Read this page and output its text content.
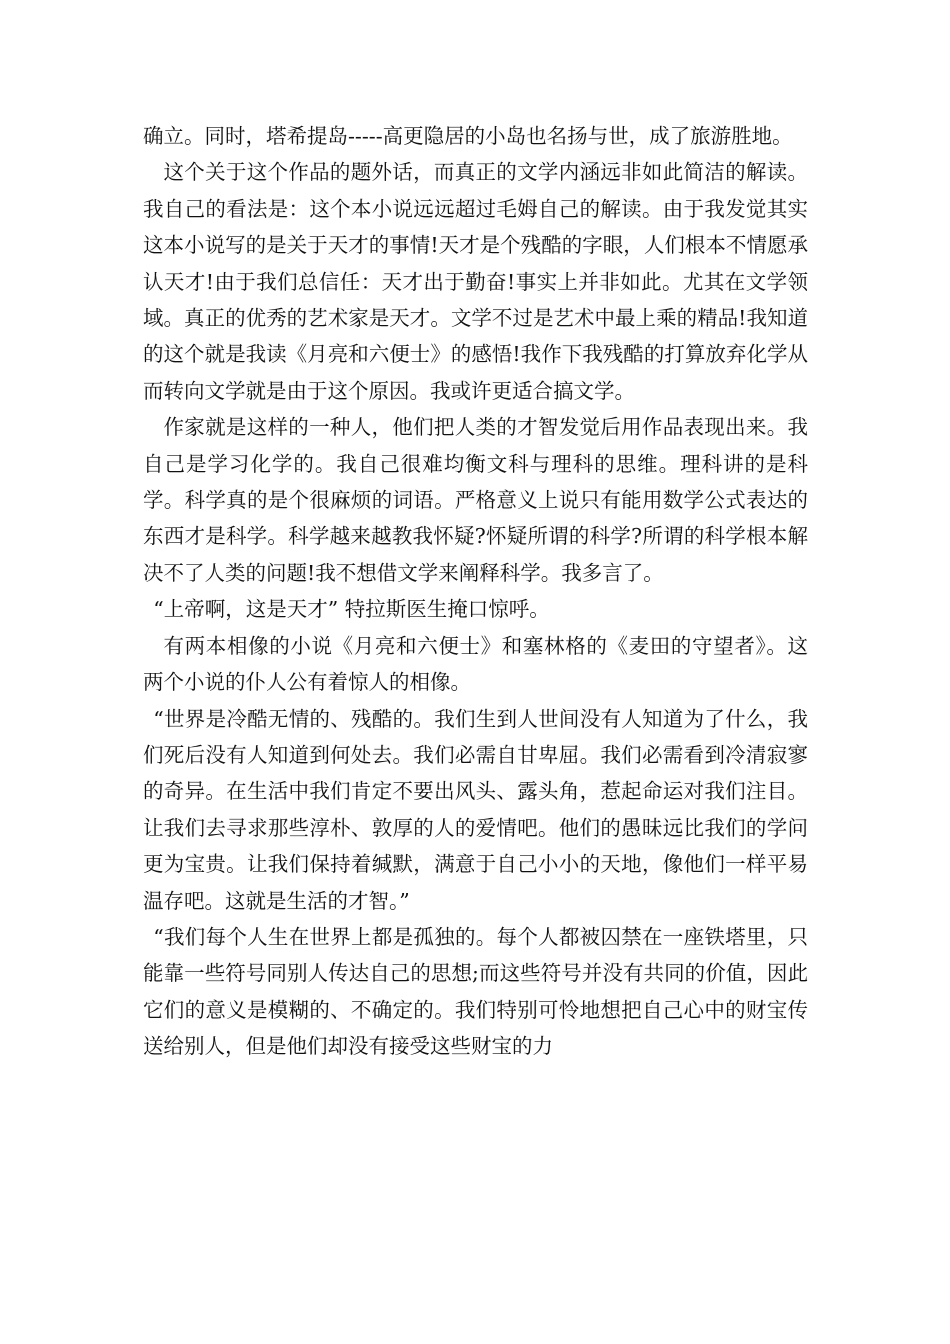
确立。同时，塔希提岛-----高更隐居的小岛也名扬与世，成了旅游胜地。

这个关于这个作品的题外话，而真正的文学内涵远非如此简洁的解读。我自己的看法是：这个本小说远远超过毛姆自己的解读。由于我发觉其实这本小说写的是关于天才的事情!天才是个残酷的字眼，人们根本不情愿承认天才!由于我们总信任：天才出于勤奋!事实上并非如此。尤其在文学领域。真正的优秀的艺术家是天才。文学不过是艺术中最上乘的精品!我知道的这个就是我读《月亮和六便士》的感悟!我作下我残酷的打算放弃化学从而转向文学就是由于这个原因。我或许更适合搞文学。

作家就是这样的一种人，他们把人类的才智发觉后用作品表现出来。我自己是学习化学的。我自己很难均衡文科与理科的思维。理科讲的是科学。科学真的是个很麻烦的词语。严格意义上说只有能用数学公式表达的东西才是科学。科学越来越教我怀疑?怀疑所谓的科学?所谓的科学根本解决不了人类的问题!我不想借文学来阐释科学。我多言了。

“上帝啊，这是天才” 特拉斯医生掩口惊呼。

有两本相像的小说《月亮和六便士》和塞林格的《麦田的守望者》。这两个小说的仆人公有着惊人的相像。

“世界是冷酷无情的、残酷的。我们生到人世间没有人知道为了什么，我们死后没有人知道到何处去。我们必需自甘卑屈。我们必需看到冷清寂寥的奇异。在生活中我们肯定不要出风头、露头角，惹起命运对我们注目。让我们去寻求那些淳朴、敦厚的人的爱情吧。他们的愚昧远比我们的学问更为宝贵。让我们保持着缄默，满意于自己小小的天地，像他们一样平易温存吧。这就是生活的才智。”

“我们每个人生在世界上都是孤独的。每个人都被囚禁在一座铁塔里，只能靠一些符号同别人传达自己的思想;而这些符号并没有共同的价值，因此它们的意义是模糊的、不确定的。我们特别可怜地想把自己心中的财宝传送给别人，但是他们却没有接受这些财宝的力
